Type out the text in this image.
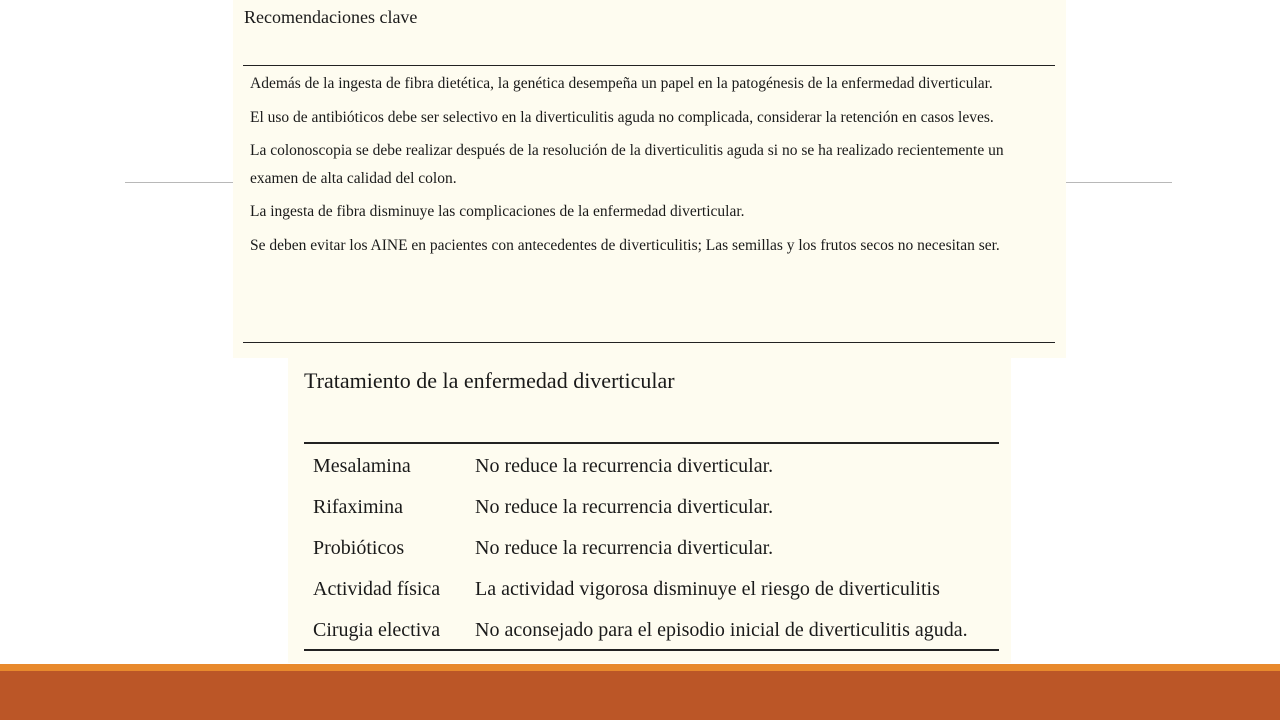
Recomendaciones clave
Además de la ingesta de fibra dietética, la genética desempeña un papel en la patogénesis de la enfermedad diverticular.
El uso de antibióticos debe ser selectivo en la diverticulitis aguda no complicada, considerar la retención en casos leves.
La colonoscopia se debe realizar después de la resolución de la diverticulitis aguda si no se ha realizado recientemente un examen de alta calidad del colon.
La ingesta de fibra disminuye las complicaciones de la enfermedad diverticular.
Se deben evitar los AINE en pacientes con antecedentes de diverticulitis; Las semillas y los frutos secos no necesitan ser.
Tratamiento de la enfermedad diverticular
Mesalamina	No reduce la recurrencia diverticular.
Rifaximina	No reduce la recurrencia diverticular.
Probióticos	No reduce la recurrencia diverticular.
Actividad física	La actividad vigorosa disminuye el riesgo de diverticulitis
Cirugia electiva	No aconsejado para el episodio inicial de diverticulitis aguda.
